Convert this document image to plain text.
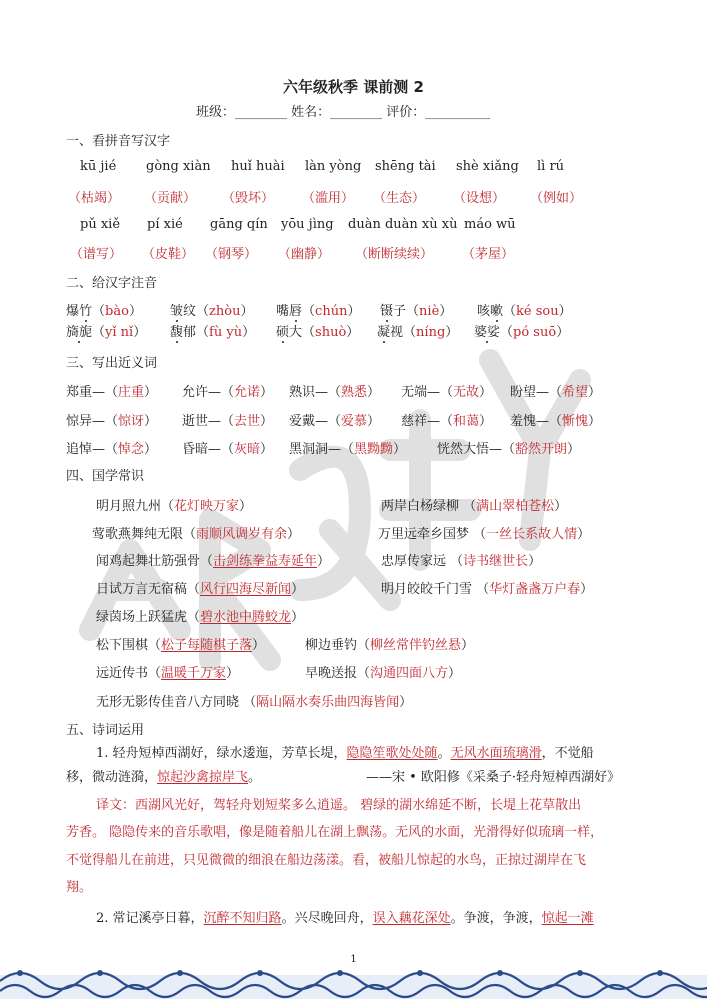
六年级秋季 课前测 2
班级：________ 姓名：________ 评价：__________
一、看拼音写汉字
kū jié gòng xiàn huǐ huài làn yòng shēng tài shè xiǎng lì rú
（枯竭） （贡献） （毁坏） （滥用） （生态） （设想） （例如）
pǔ xiě pí xié gāng qín yōu jìng duàn duàn xù xù máo wū
（谱写） （皮鞋） （钢琴） （幽静） （断断续续） （茅屋）
二、给汉字注音
爆竹（bào） 皱纹（zhòu） 嘴唇（chún） 镊子（niè） 咳嗽（ké sou）
旖旎（yǐ nǐ） 馥郁（fù yù） 硕大（shuò） 凝视（níng） 婆娑（pó suō）
三、写出近义词
郑重—（庄重） 允许—（允诺） 熟识—（熟悉） 无端—（无故） 盼望—（希望）
惊异—（惊讶） 逝世—（去世） 爱戴—（爱慕） 慈祥—（和蔼） 羞愧—（惭愧）
追悼—（悼念） 昏暗—（灰暗） 黑洞洞—（黑黝黝） 恍然大悟—（豁然开朗）
四、国学常识
明月照九州（花灯映万家）
莺歌燕舞纯无限（雨顺风调岁有余）
闻鸡起舞壮筋强骨（击剑练拳益寿延年）
日试万言无宿稿（风行四海尽新闻）
绿茵场上跃猛虎（碧水池中腾蛟龙）
松下围棋（松子每随棋子落）
远近传书（温暖千万家）
无形无影传佳音八方同晓 （隔山隔水奏乐曲四海皆闻）
两岸白杨绿柳 （满山翠柏苍松）
万里远牵乡国梦 （一丝长系故人情）
忠厚传家远 （诗书继世长）
明月皎皎千门雪 （华灯盏盏万户春）
柳边垂钓（柳丝常伴钓丝悬）
早晚送报（沟通四面八方）
五、诗词运用
1. 轻舟短棹西湖好，绿水逶迤，芳草长堤，隐隐笙歌处处随。无风水面琉璃滑，不觉船
移，微动涟漪，惊起沙禽掠岸飞。	——宋 • 欧阳修《采桑子·轻舟短棹西湖好》
译文：西湖风光好，驾轻舟划短桨多么逍遥。 碧绿的湖水绵延不断，长堤上花草散出
芳香。 隐隐传来的音乐歌唱，像是随着船儿在湖上飘荡。无风的水面，光滑得好似琉璃一样，
不觉得船儿在前进，只见微微的细浪在船边荡漾。看，被船儿惊起的水鸟，正掠过湖岸在飞
翔。
2. 常记溪亭日暮，沉醉不知归路。兴尽晚回舟，误入藕花深处。争渡，争渡，惊起一滩
1
